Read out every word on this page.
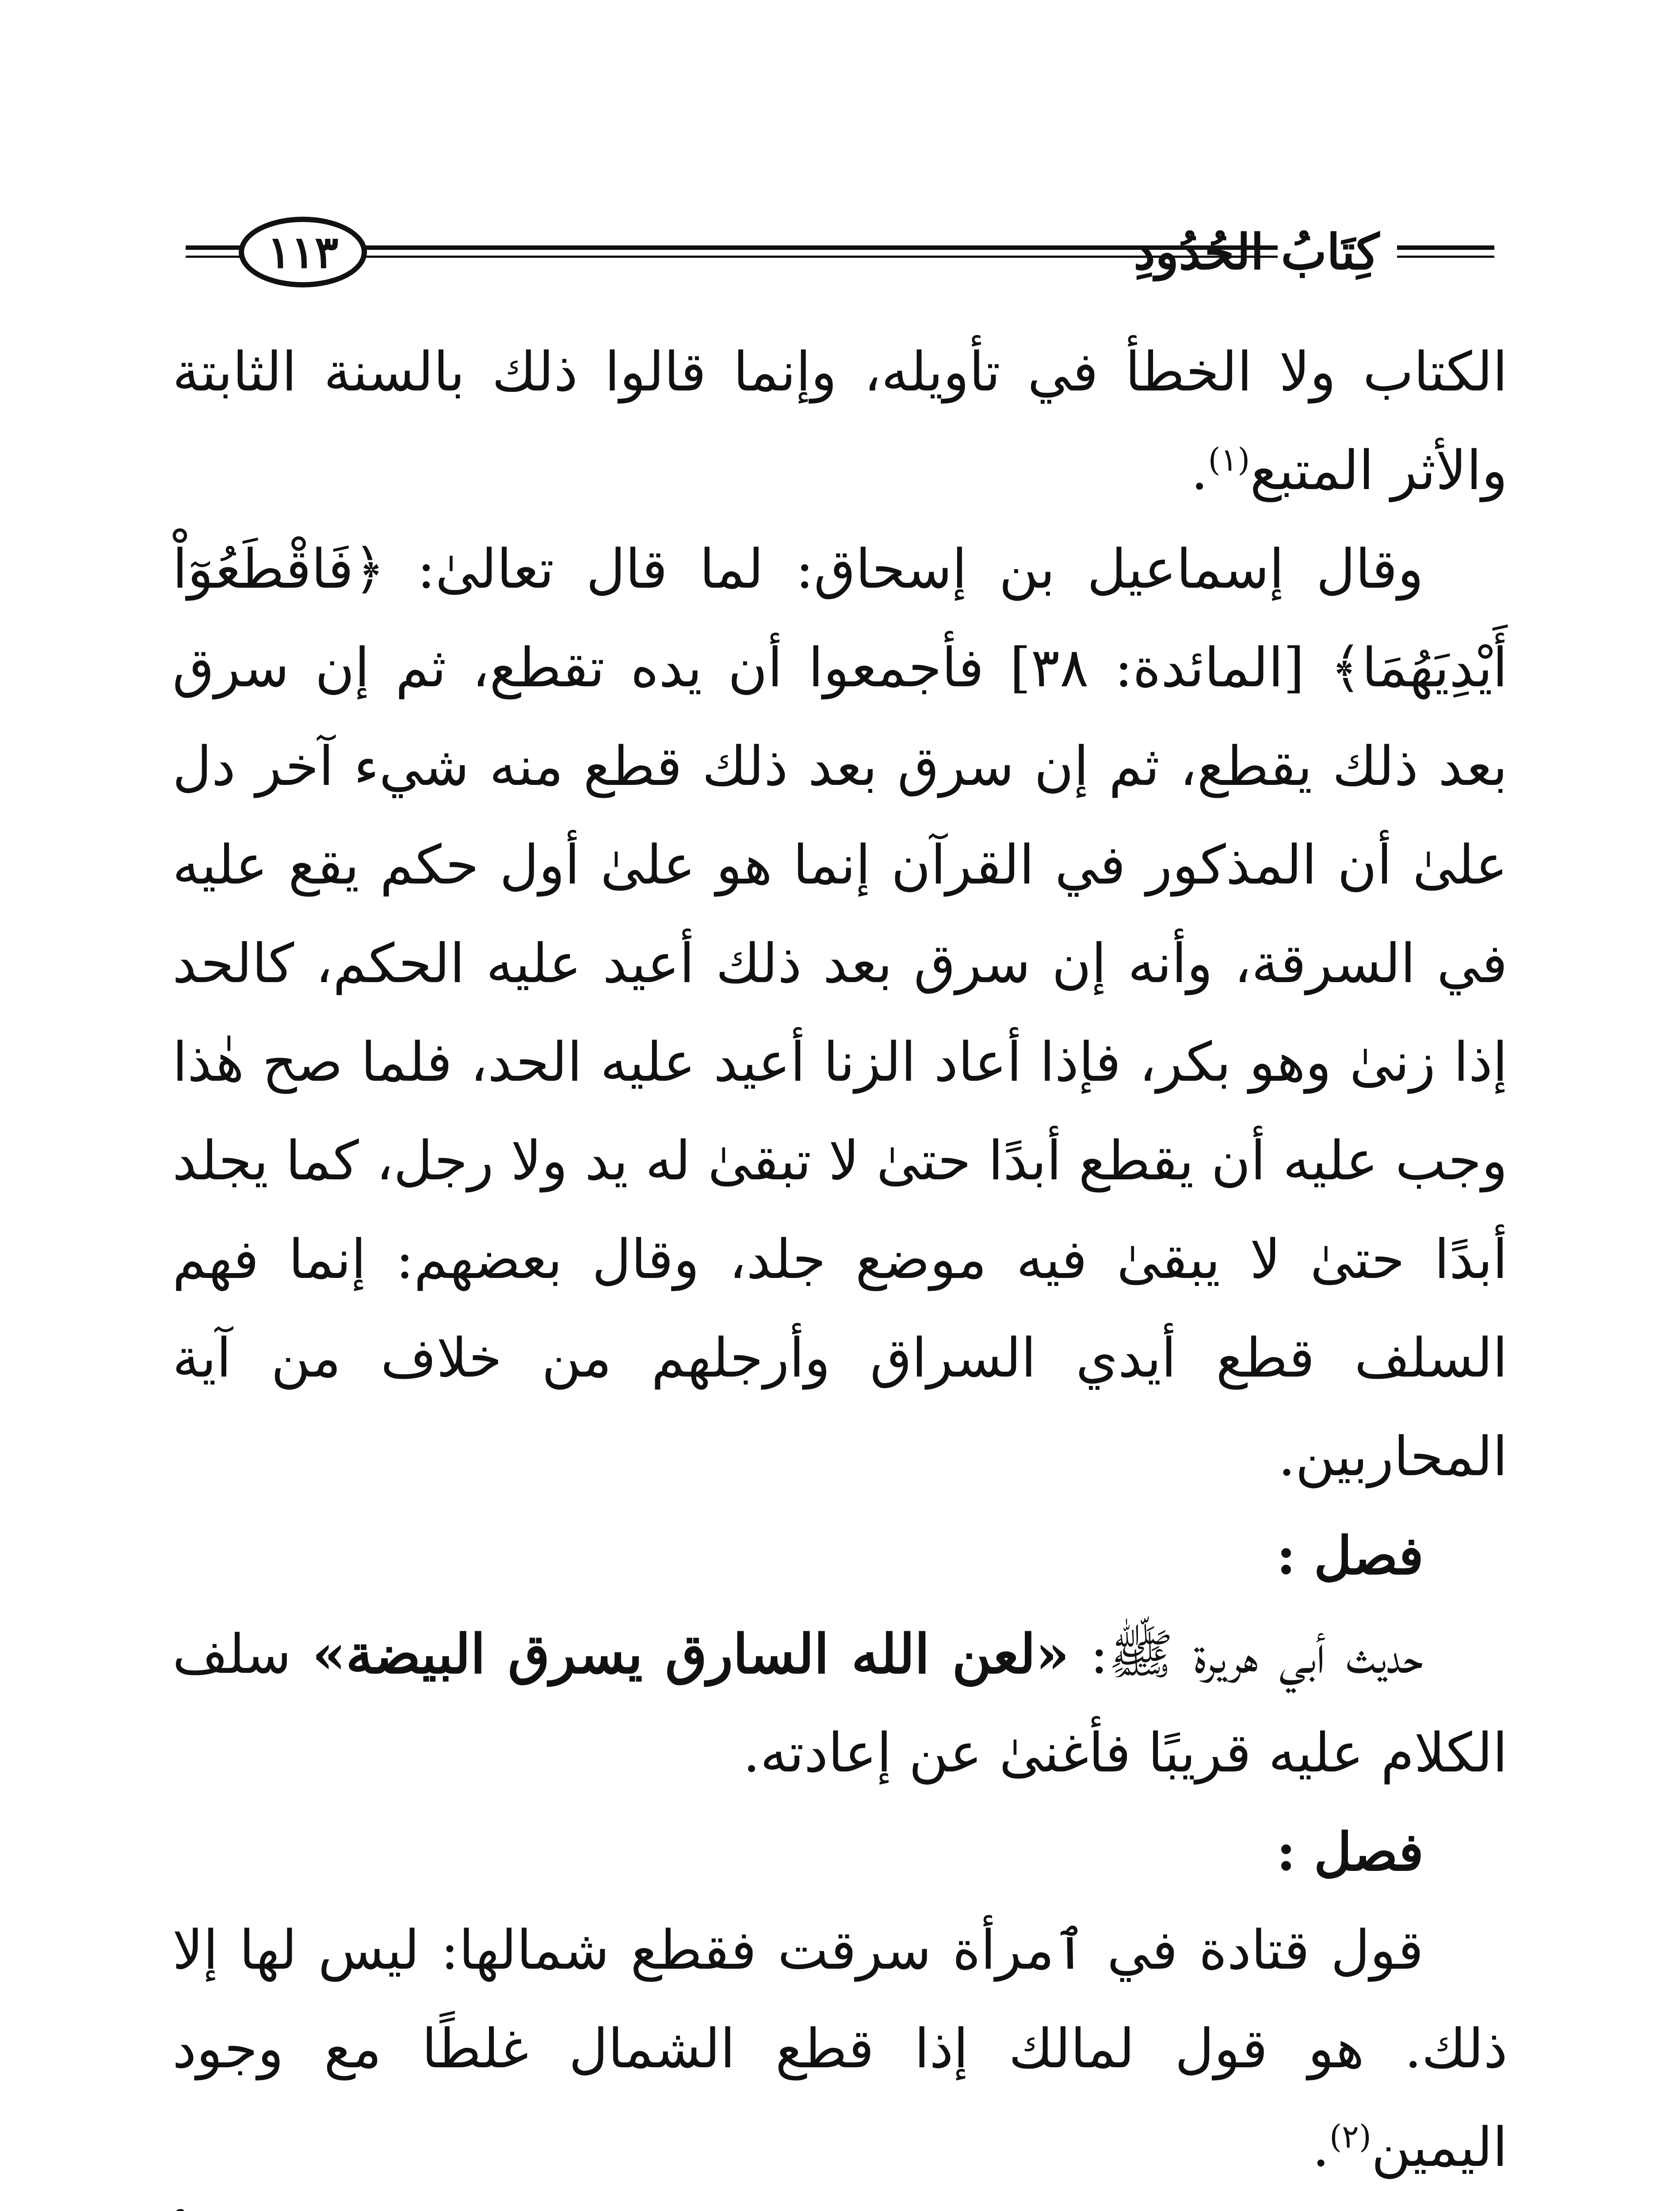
١١٣	كِتَابُ الحُدُودِ

الكتاب ولا الخطأ في تأويله، وإنما قالوا ذلك بالسنة الثابتة والأثر المتبع$^{(١)}$.

وقال إسماعيل بن إسحاق: لما قال تعالىٰ: ﴿فَاقْطَعُوٓاْ أَيْدِيَهُمَا﴾ [المائدة: ٣٨] فأجمعوا أن يده تقطع، ثم إن سرق بعد ذلك يقطع، ثم إن سرق بعد ذلك قطع منه شيء آخر دل علىٰ أن المذكور في القرآن إنما هو علىٰ أول حكم يقع عليه في السرقة، وأنه إن سرق بعد ذلك أعيد عليه الحكم، كالحد إذا زنىٰ وهو بكر، فإذا أعاد الزنا أعيد عليه الحد، فلما صح هٰذا وجب عليه أن يقطع أبدًا حتىٰ لا تبقىٰ له يد ولا رجل، كما يجلد أبدًا حتىٰ لا يبقىٰ فيه موضع جلد، وقال بعضهم: إنما فهم السلف قطع أيدي السراق وأرجلهم من خلاف من آية المحاربين.

فصل :

حديث أبي هريرة ﷺ: «لعن الله السارق يسرق البيضة» سلف الكلام عليه قريبًا فأغنىٰ عن إعادته.

فصل :

قول قتادة في ٱمرأة سرقت فقطع شمالها: ليس لها إلا ذلك. هو قول لمالك إذا قطع الشمال غلطًا مع وجود اليمين$^{(٢)}$.
